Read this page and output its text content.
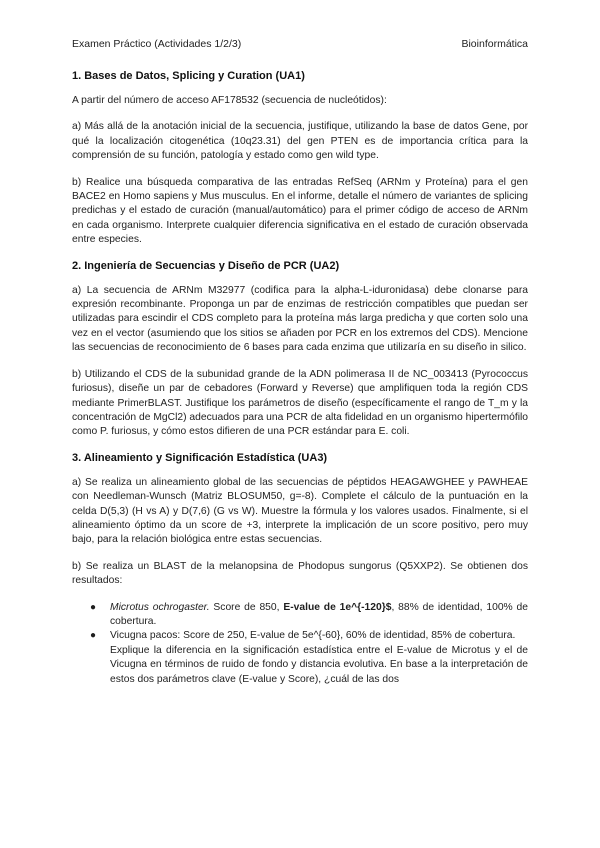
Examen Práctico (Actividades 1/2/3)	Bioinformática
1. Bases de Datos, Splicing y Curation (UA1)

A partir del número de acceso AF178532 (secuencia de nucleótidos):

a) Más allá de la anotación inicial de la secuencia, justifique, utilizando la base de datos Gene, por qué la localización citogenética (10q23.31) del gen PTEN es de importancia crítica para la comprensión de su función, patología y estado como gen wild type.

b) Realice una búsqueda comparativa de las entradas RefSeq (ARNm y Proteína) para el gen BACE2 en Homo sapiens y Mus musculus. En el informe, detalle el número de variantes de splicing predichas y el estado de curación (manual/automático) para el primer código de acceso de ARNm en cada organismo. Interprete cualquier diferencia significativa en el estado de curación observada entre especies.

2. Ingeniería de Secuencias y Diseño de PCR (UA2)

a) La secuencia de ARNm M32977 (codifica para la alpha-L-iduronidasa) debe clonarse para expresión recombinante. Proponga un par de enzimas de restricción compatibles que puedan ser utilizadas para escindir el CDS completo para la proteína más larga predicha y que corten solo una vez en el vector (asumiendo que los sitios se añaden por PCR en los extremos del CDS). Mencione las secuencias de reconocimiento de 6 bases para cada enzima que utilizaría en su diseño in silico.

b) Utilizando el CDS de la subunidad grande de la ADN polimerasa II de NC_003413 (Pyrococcus furiosus), diseñe un par de cebadores (Forward y Reverse) que amplifiquen toda la región CDS mediante PrimerBLAST. Justifique los parámetros de diseño (específicamente el rango de T_m y la concentración de MgCl2) adecuados para una PCR de alta fidelidad en un organismo hipertermófilo como P. furiosus, y cómo estos difieren de una PCR estándar para E. coli.

3. Alineamiento y Significación Estadística (UA3)

a) Se realiza un alineamiento global de las secuencias de péptidos HEAGAWGHEE y PAWHEAE con Needleman-Wunsch (Matriz BLOSUM50, g=-8). Complete el cálculo de la puntuación en la celda D(5,3) (H vs A) y D(7,6) (G vs W). Muestre la fórmula y los valores usados. Finalmente, si el alineamiento óptimo da un score de +3, interprete la implicación de un score positivo, pero muy bajo, para la relación biológica entre estas secuencias.

b) Se realiza un BLAST de la melanopsina de Phodopus sungorus (Q5XXP2). Se obtienen dos resultados:

● Microtus ochrogaster. Score de 850, E-value de 1e^{-120}$, 88% de identidad, 100% de cobertura.
● Vicugna pacos: Score de 250, E-value de 5e^{-60}, 60% de identidad, 85% de cobertura.

Explique la diferencia en la significación estadística entre el E-value de Microtus y el de Vicugna en términos de ruido de fondo y distancia evolutiva. En base a la interpretación de estos dos parámetros clave (E-value y Score), ¿cuál de las dos
